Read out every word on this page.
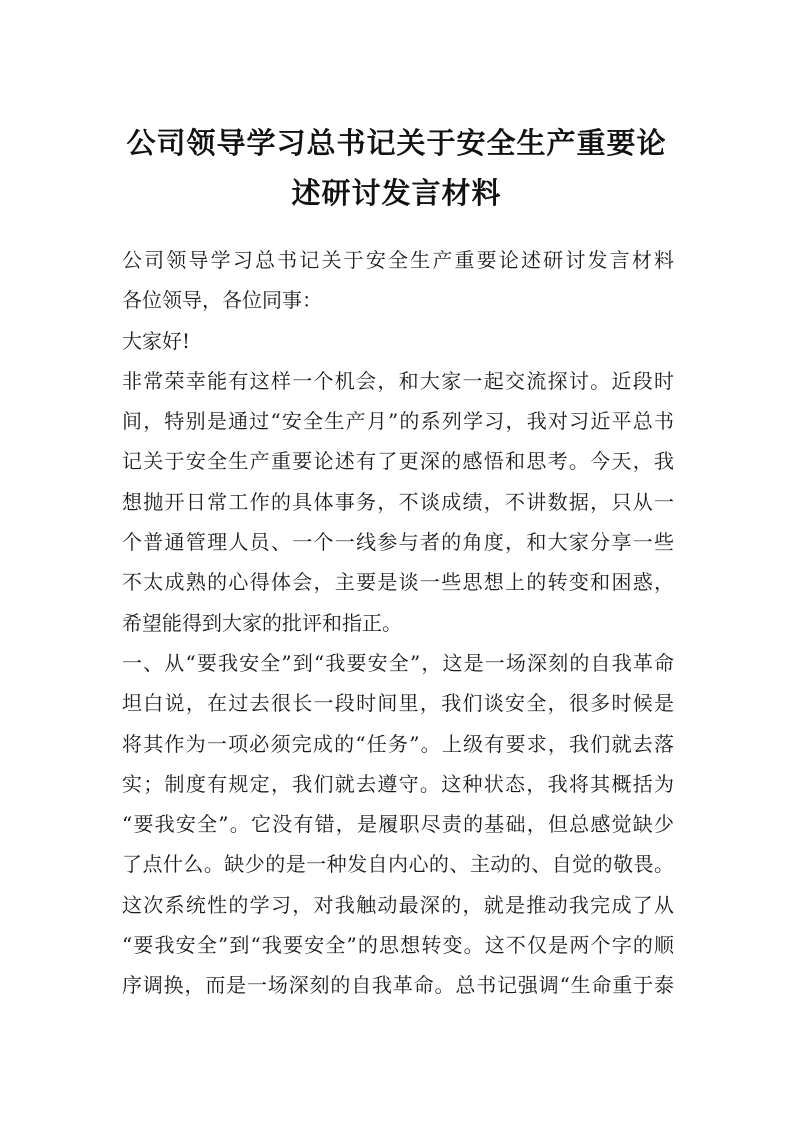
公司领导学习总书记关于安全生产重要论
述研讨发言材料
公司领导学习总书记关于安全生产重要论述研讨发言材料
各位领导，各位同事：
大家好!
非常荣幸能有这样一个机会，和大家一起交流探讨。近段时
间，特别是通过“安全生产月”的系列学习，我对习近平总书
记关于安全生产重要论述有了更深的感悟和思考。今天，我
想抛开日常工作的具体事务，不谈成绩，不讲数据，只从一
个普通管理人员、一个一线参与者的角度，和大家分享一些
不太成熟的心得体会，主要是谈一些思想上的转变和困惑，
希望能得到大家的批评和指正。
一、从“要我安全”到“我要安全”，这是一场深刻的自我革命
坦白说，在过去很长一段时间里，我们谈安全，很多时候是
将其作为一项必须完成的“任务”。上级有要求，我们就去落
实；制度有规定，我们就去遵守。这种状态，我将其概括为
“要我安全”。它没有错，是履职尽责的基础，但总感觉缺少
了点什么。缺少的是一种发自内心的、主动的、自觉的敬畏。
这次系统性的学习，对我触动最深的，就是推动我完成了从
“要我安全”到“我要安全”的思想转变。这不仅是两个字的顺
序调换，而是一场深刻的自我革命。总书记强调“生命重于泰
